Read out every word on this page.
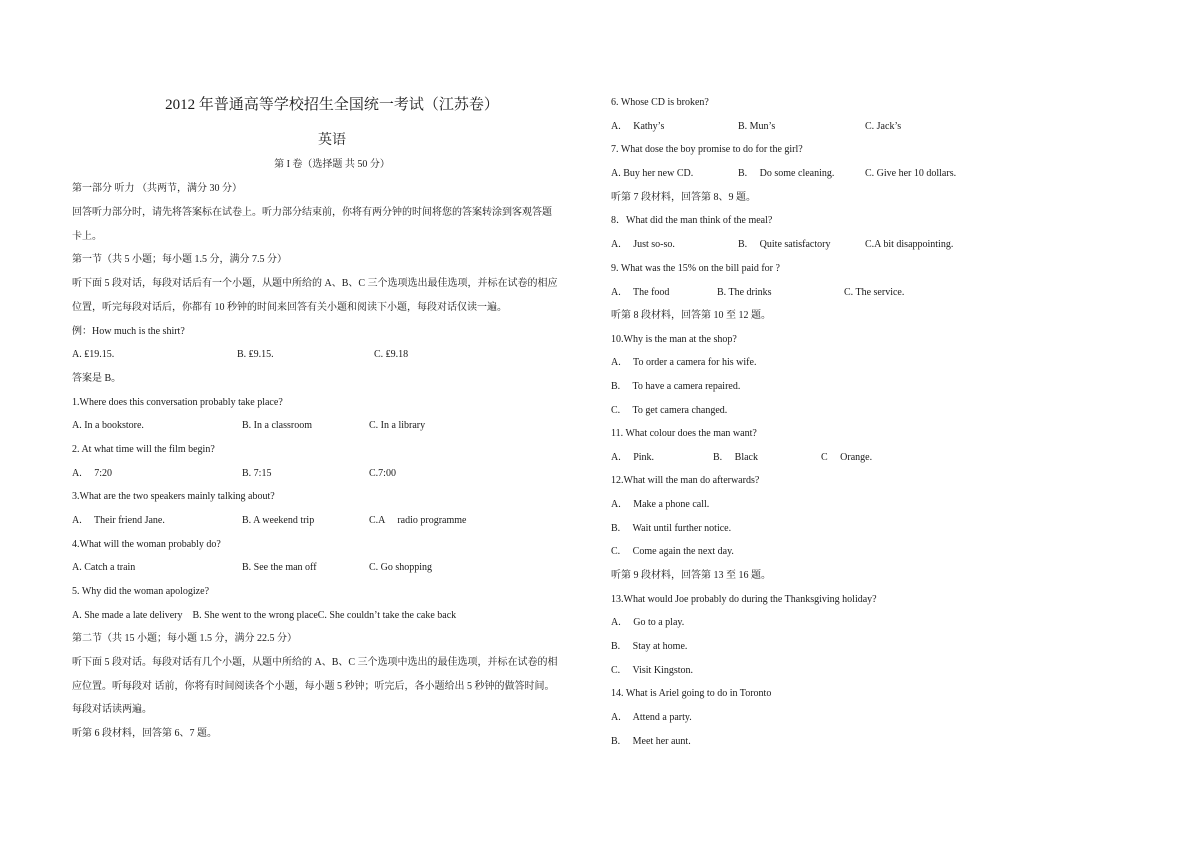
2012 年普通高等学校招生全国统一考试（江苏卷）
英语
第 I 卷（选择题 共 50 分）
第一部分 听力 （共两节，满分 30 分）
回答听力部分时，请先将答案标在试卷上。听力部分结束前，你将有两分钟的时间将您的答案转涂到客观答题
卡上。
第一节（共 5 小题；每小题 1.5 分，满分 7.5 分）
听下面 5 段对话，每段对话后有一个小题，从题中所给的 A、B、C 三个选项选出最佳选项，并标在试卷的相应
位置，听完每段对话后，你都有 10 秒钟的时间来回答有关小题和阅读下小题，每段对话仅读一遍。
例：How much is the shirt?
A. ₤19.15.	B. ₤9.15.	C. ₤9.18
答案是 B。
1.Where does this conversation probably take place?
A. In a bookstore.	B. In a classroom	C. In a library
2. At what time will the film begin?
A.     7:20	B. 7:15	C.7:00
3.What are the two speakers mainly talking about?
A.     Their friend Jane.	B. A weekend trip	C.A     radio programme
4.What will the woman probably do?
A. Catch a train	B. See the man off	C. Go shopping
5. Why did the woman apologize?
A. She made a late delivery    B. She went to the wrong placeC. She couldn’t take the cake back
第二节（共 15 小题；每小题 1.5 分，满分 22.5 分）
听下面 5 段对话。每段对话有几个小题，从题中所给的 A、B、C 三个选项中选出的最佳选项，并标在试卷的相
应位置。听每段对 话前，你将有时间阅读各个小题，每小题 5 秒钟；听完后，各小题给出 5 秒钟的做答时间。
每段对话读两遍。
听第 6 段材料，回答第 6、7 题。
6. Whose CD is broken?
A.     Kathy’s	B. Mun’s	C. Jack’s
7. What dose the boy promise to do for the girl?
A. Buy her new CD.	B.     Do some cleaning.	C. Give her 10 dollars.
听第 7 段材料，回答第 8、9 题。
8．What did the man think of the meal?
A.     Just so-so.	B.     Quite satisfactory	C.A bit disappointing.
9. What was the 15% on the bill paid for ?
A.     The food	B. The drinks	C. The service.
听第 8 段材料，回答第 10 至 12 题。
10.Why is the man at the shop?
A.     To order a camera for his wife.
B.     To have a camera repaired.
C.     To get camera changed.
11. What colour does the man want?
A.     Pink.	B.     Black	C     Orange.
12.What will the man do afterwards?
A.     Make a phone call.
B.     Wait until further notice.
C.     Come again the next day.
听第 9 段材料，回答第 13 至 16 题。
13.What would Joe probably do during the Thanksgiving holiday?
A.     Go to a play.
B.     Stay at home.
C.     Visit Kingston.
14. What is Ariel going to do in Toronto
A.     Attend a party.
B.     Meet her aunt.
